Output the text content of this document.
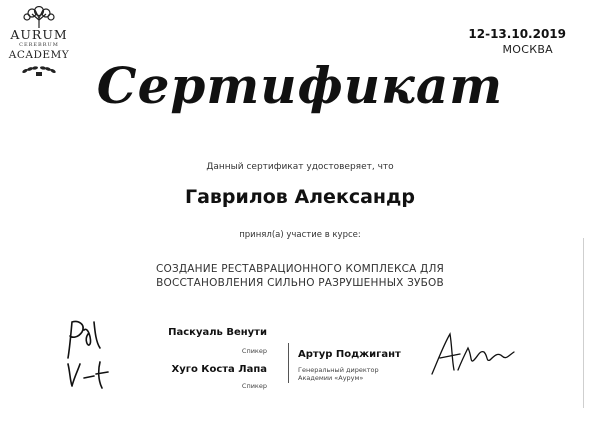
AURUM
CEREBRUM
ACADEMY
12-13.10.2019
МОСКВА
Сертификат
Данный сертификат удостоверяет, что
Гаврилов Александр
принял(а) участие в курсе:
СОЗДАНИЕ РЕСТАВРАЦИОННОГО КОМПЛЕКСА ДЛЯ
ВОССТАНОВЛЕНИЯ СИЛЬНО РАЗРУШЕННЫХ ЗУБОВ
Паскуаль Венути
Спикер
Хуго Коста Лапа
Спикер
Артур Поджигант
Генеральный директор
Академии «Аурум»
